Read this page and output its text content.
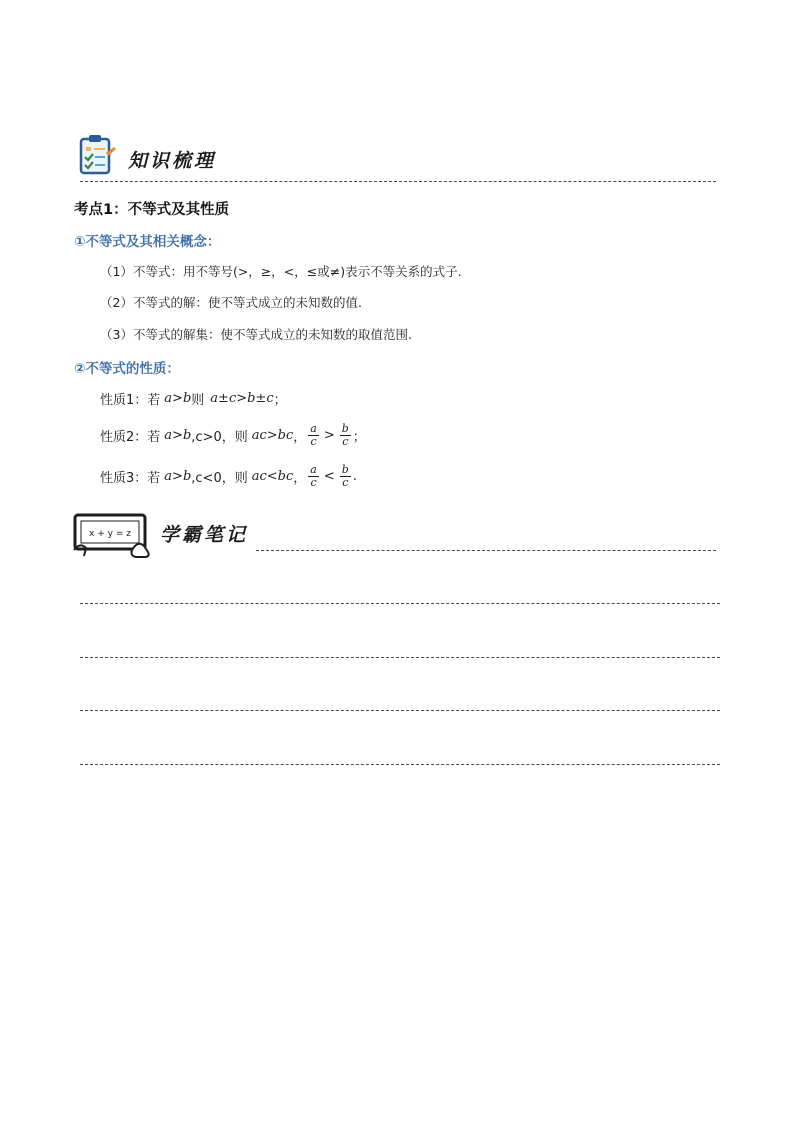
知识梳理
考点1：不等式及其性质
①不等式及其相关概念：
（1）不等式：用不等号(>，≥，<，≤或≠)表示不等关系的式子.
（2）不等式的解：使不等式成立的未知数的值.
（3）不等式的解集：使不等式成立的未知数的取值范围.
②不等式的性质：
性质1：若 a > b 则 a±c>b±c ；
性质2：若 a > b ,c>0，则 ac>bc ， $\frac{a}{c} > \frac{b}{c}$ ；
性质3：若 a > b ,c<0，则 ac<bc ， $\frac{a}{c} < \frac{b}{c}$ .
x + y = z 学霸笔记
